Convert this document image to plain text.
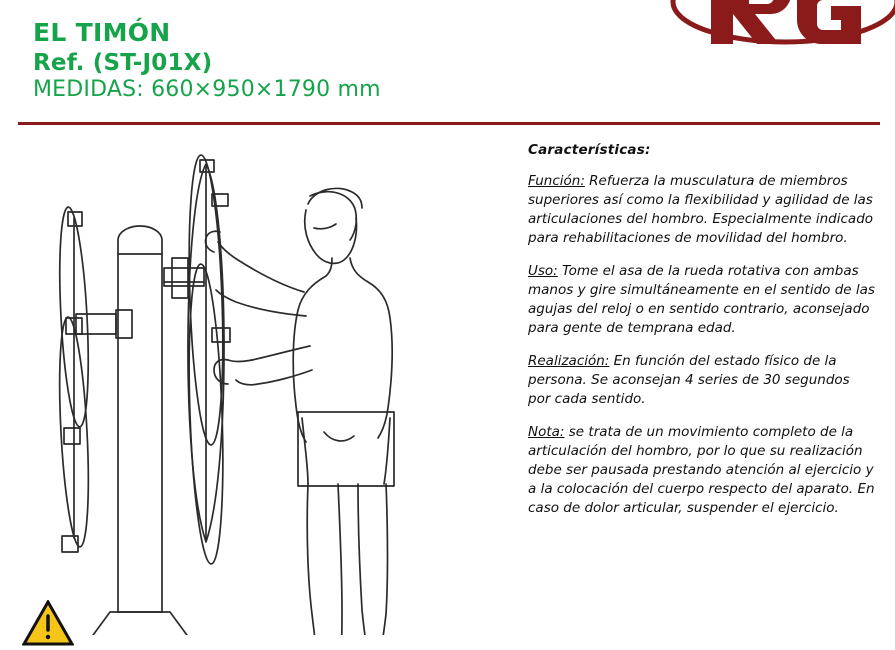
EL TIMÓN
Ref. (ST-J01X)
MEDIDAS: 660×950×1790 mm
Características:

Función: Refuerza la musculatura de miembros superiores así como la flexibilidad y agilidad de las articulaciones del hombro. Especialmente indicado para rehabilitaciones de movilidad del hombro.

Uso: Tome el asa de la rueda rotativa con ambas manos y gire simultáneamente en el sentido de las agujas del reloj o en sentido contrario, aconsejado para gente de temprana edad.

Realización: En función del estado físico de la persona. Se aconsejan 4 series de 30 segundos por cada sentido.

Nota: se trata de un movimiento completo de la articulación del hombro, por lo que su realización debe ser pausada prestando atención al ejercicio y a la colocación del cuerpo respecto del aparato. En caso de dolor articular, suspender el ejercicio.
